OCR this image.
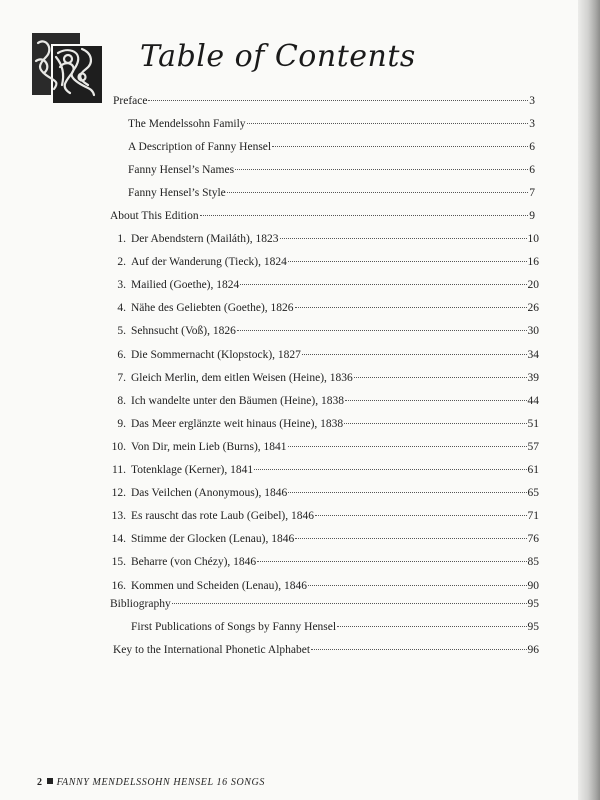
Table of Contents
Preface	3
The Mendelssohn Family	3
A Description of Fanny Hensel	6
Fanny Hensel’s Names	6
Fanny Hensel’s Style	7
About This Edition	9
1. Der Abendstern (Mailáth), 1823	10
2. Auf der Wanderung (Tieck), 1824	16
3. Mailied (Goethe), 1824	20
4. Nähe des Geliebten (Goethe), 1826	26
5. Sehnsucht (Voß), 1826	30
6. Die Sommernacht (Klopstock), 1827	34
7. Gleich Merlin, dem eitlen Weisen (Heine), 1836	39
8. Ich wandelte unter den Bäumen (Heine), 1838	44
9. Das Meer erglänzte weit hinaus (Heine), 1838	51
10. Von Dir, mein Lieb (Burns), 1841	57
11. Totenklage (Kerner), 1841	61
12. Das Veilchen (Anonymous), 1846	65
13. Es rauscht das rote Laub (Geibel), 1846	71
14. Stimme der Glocken (Lenau), 1846	76
15. Beharre (von Chézy), 1846	85
16. Kommen und Scheiden (Lenau), 1846	90
Bibliography	95
First Publications of Songs by Fanny Hensel	95
Key to the International Phonetic Alphabet	96
2 FANNY MENDELSSOHN HENSEL 16 SONGS
